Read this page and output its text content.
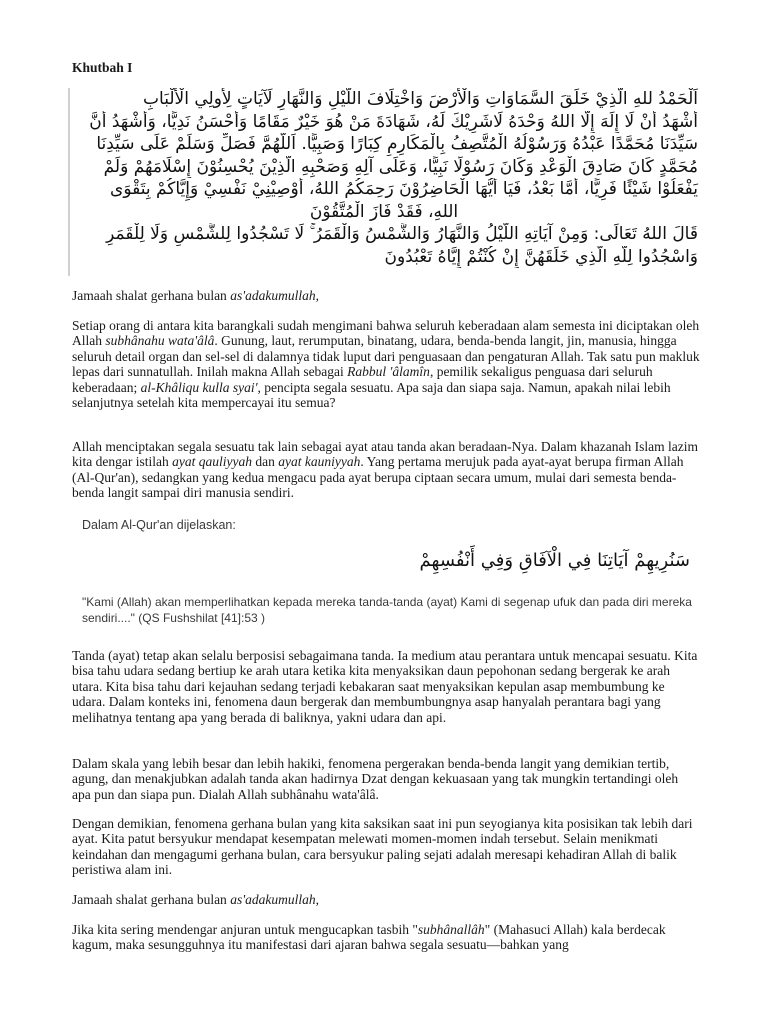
Khutbah I
اَلْحَمْدُ للهِ الَّذِيْ خَلَقَ السَّمَاوَاتِ وَالْأَرْضَ وَاخْتِلَافَ اللَّيْلِ وَالنَّهَارِ لَآيَاتٍ لِأُولِي الْأَلْبَابِ
أَشْهَدُ أَنْ لَا إِلَهَ إِلَّا اللهُ وَحْدَهُ لَاشَرِيْكَ لَهُ، شَهَادَةَ مَنْ هُوَ خَيْرٌ مَقَامًا وَأَحْسَنُ نَدِيًّا، وَأَشْهَدُ أَنَّ
سَيِّدَنَا مُحَمَّدًا عَبْدُهُ وَرَسُوْلُهُ الْمُتَّصِفُ بِالْمَكَارِمِ كِبَارًا وَصَبِيًّا. اَللَّهُمَّ فَصَلِّ وَسَلِّمْ عَلَى سَيِّدِنَا
مُحَمَّدٍ كَانَ صَادِقَ الْوَعْدِ وَكَانَ رَسُوْلًا نَبِيًّا، وَعَلَى آلِهِ وَصَحْبِهِ الَّذِيْنَ يُحْسِنُوْنَ إِسْلَامَهُمْ وَلَمْ
يَفْعَلُوْا شَيْئًا فَرِيًّا، أَمَّا بَعْدُ، فَيَا أَيُّهَا الْحَاضِرُوْنَ رَحِمَكُمُ اللهُ، أُوْصِيْنِيْ نَفْسِيْ وَإِيَّاكُمْ بِتَقْوَى
اللهِ، فَقَدْ فَازَ الْمُتَّقُوْنَ
قَالَ اللهُ تَعَالَى: وَمِنْ آيَاتِهِ اللَّيْلُ وَالنَّهَارُ وَالشَّمْسُ وَالْقَمَرُ ۚ لَا تَسْجُدُوا لِلشَّمْسِ وَلَا لِلْقَمَرِ
وَاسْجُدُوا لِلَّهِ الَّذِي خَلَقَهُنَّ إِنْ كُنْتُمْ إِيَّاهُ تَعْبُدُونَ

Jamaah shalat gerhana bulan as'adakumullah,

Setiap orang di antara kita barangkali sudah mengimani bahwa seluruh keberadaan alam semesta ini diciptakan oleh Allah subhânahu wata'âlâ. Gunung, laut, rerumputan, binatang, udara, benda-benda langit, jin, manusia, hingga seluruh detail organ dan sel-sel di dalamnya tidak luput dari penguasaan dan pengaturan Allah. Tak satu pun makluk lepas dari sunnatullah. Inilah makna Allah sebagai Rabbul 'âlamîn, pemilik sekaligus penguasa dari seluruh keberadaan; al-Khâliqu kulla syai', pencipta segala sesuatu. Apa saja dan siapa saja. Namun, apakah nilai lebih selanjutnya setelah kita mempercayai itu semua?

Allah menciptakan segala sesuatu tak lain sebagai ayat atau tanda akan beradaan-Nya. Dalam khazanah Islam lazim kita dengar istilah ayat qauliyyah dan ayat kauniyyah. Yang pertama merujuk pada ayat-ayat berupa firman Allah (Al-Qur'an), sedangkan yang kedua mengacu pada ayat berupa ciptaan secara umum, mulai dari semesta benda-benda langit sampai diri manusia sendiri.

Dalam Al-Qur'an dijelaskan:
سَنُرِيهِمْ آيَاتِنَا فِي الْآفَاقِ وَفِي أَنْفُسِهِمْ
"Kami (Allah) akan memperlihatkan kepada mereka tanda-tanda (ayat) Kami di segenap ufuk dan pada diri mereka sendiri...." (QS Fushshilat [41]:53 )

Tanda (ayat) tetap akan selalu berposisi sebagaimana tanda. Ia medium atau perantara untuk mencapai sesuatu. Kita bisa tahu udara sedang bertiup ke arah utara ketika kita menyaksikan daun pepohonan sedang bergerak ke arah utara. Kita bisa tahu dari kejauhan sedang terjadi kebakaran saat menyaksikan kepulan asap membumbung ke udara. Dalam konteks ini, fenomena daun bergerak dan membumbungnya asap hanyalah perantara bagi yang melihatnya tentang apa yang berada di baliknya, yakni udara dan api.

Dalam skala yang lebih besar dan lebih hakiki, fenomena pergerakan benda-benda langit yang demikian tertib, agung, dan menakjubkan adalah tanda akan hadirnya Dzat dengan kekuasaan yang tak mungkin tertandingi oleh apa pun dan siapa pun. Dialah Allah subhânahu wata'âlâ.

Dengan demikian, fenomena gerhana bulan yang kita saksikan saat ini pun seyogianya kita posisikan tak lebih dari ayat. Kita patut bersyukur mendapat kesempatan melewati momen-momen indah tersebut. Selain menikmati keindahan dan mengagumi gerhana bulan, cara bersyukur paling sejati adalah meresapi kehadiran Allah di balik peristiwa alam ini.

Jamaah shalat gerhana bulan as'adakumullah,

Jika kita sering mendengar anjuran untuk mengucapkan tasbih "subhânallâh" (Mahasuci Allah) kala berdecak kagum, maka sesungguhnya itu manifestasi dari ajaran bahwa segala sesuatu—bahkan yang
